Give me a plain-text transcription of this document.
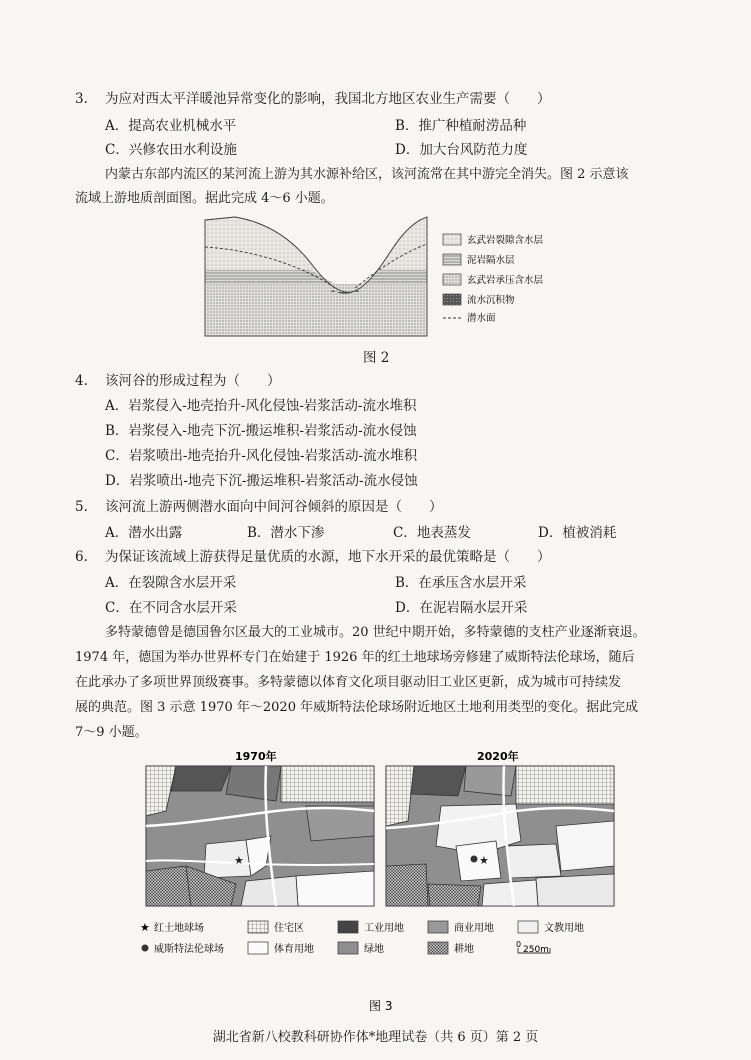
3. 为应对西太平洋暖池异常变化的影响，我国北方地区农业生产需要（　　）
A．提高农业机械水平	B．推广种植耐涝品种
C．兴修农田水利设施	D．加大台风防范力度
内蒙古东部内流区的某河流上游为其水源补给区，该河流常在其中游完全消失。图 2 示意该
流域上游地质剖面图。据此完成 4～6 小题。
玄武岩裂隙含水层
泥岩隔水层
玄武岩承压含水层
流水沉积物
潜水面
图 2
4. 该河谷的形成过程为（　　）
A．岩浆侵入-地壳抬升-风化侵蚀-岩浆活动-流水堆积
B．岩浆侵入-地壳下沉-搬运堆积-岩浆活动-流水侵蚀
C．岩浆喷出-地壳抬升-风化侵蚀-岩浆活动-流水堆积
D．岩浆喷出-地壳下沉-搬运堆积-岩浆活动-流水侵蚀
5. 该河流上游两侧潜水面向中间河谷倾斜的原因是（　　）
A．潜水出露	B．潜水下渗	C．地表蒸发	D．植被消耗
6. 为保证该流域上游获得足量优质的水源，地下水开采的最优策略是（　　）
A．在裂隙含水层开采	B．在承压含水层开采
C．在不同含水层开采	D．在泥岩隔水层开采
多特蒙德曾是德国鲁尔区最大的工业城市。20 世纪中期开始，多特蒙德的支柱产业逐渐衰退。
1974 年，德国为举办世界杯专门在始建于 1926 年的红土地球场旁修建了威斯特法伦球场，随后
在此承办了多项世界顶级赛事。多特蒙德以体育文化项目驱动旧工业区更新，成为城市可持续发
展的典范。图 3 示意 1970 年～2020 年威斯特法伦球场附近地区土地利用类型的变化。据此完成
7～9 小题。
1970年	2020年
★	★
★ 红土地球场	住宅区	工业用地	商业用地	文教用地
威斯特法伦球场	体育用地	绿地	耕地	0
250m
图 3
湖北省新八校教科研协作体*地理试卷（共 6 页）第 2 页
